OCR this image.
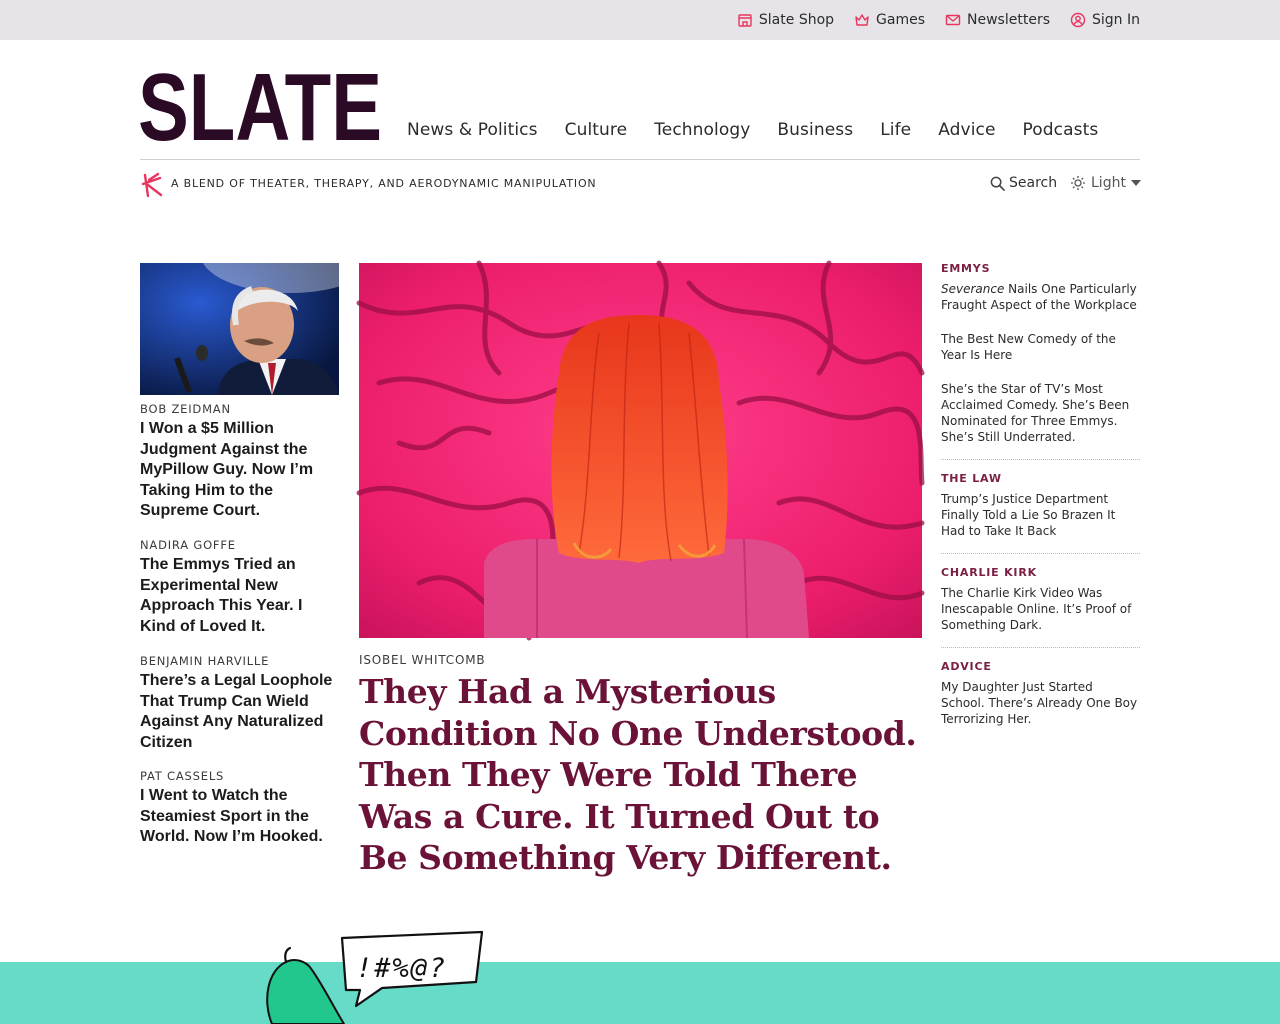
Slate Shop	Games	Newsletters	Sign In
SLATE News & Politics Culture Technology Business Life Advice Podcasts
A BLEND OF THEATER, THERAPY, AND AERODYNAMIC MANIPULATION	Search Light
BOB ZEIDMAN
I Won a $5 Million Judgment Against the MyPillow Guy. Now I’m Taking Him to the Supreme Court.
NADIRA GOFFE
The Emmys Tried an Experimental New Approach This Year. I Kind of Loved It.
BENJAMIN HARVILLE
There’s a Legal Loophole That Trump Can Wield Against Any Naturalized Citizen
PAT CASSELS
I Went to Watch the Steamiest Sport in the World. Now I’m Hooked.
ISOBEL WHITCOMB
They Had a Mysterious Condition No One Understood. Then They Were Told There Was a Cure. It Turned Out to Be Something Very Different.
EMMYS
Severance Nails One Particularly Fraught Aspect of the Workplace
The Best New Comedy of the Year Is Here
She’s the Star of TV’s Most Acclaimed Comedy. She’s Been Nominated for Three Emmys. She’s Still Underrated.
THE LAW
Trump’s Justice Department Finally Told a Lie So Brazen It Had to Take It Back
CHARLIE KIRK
The Charlie Kirk Video Was Inescapable Online. It’s Proof of Something Dark.
ADVICE
My Daughter Just Started School. There’s Already One Boy Terrorizing Her.
!#%@?
